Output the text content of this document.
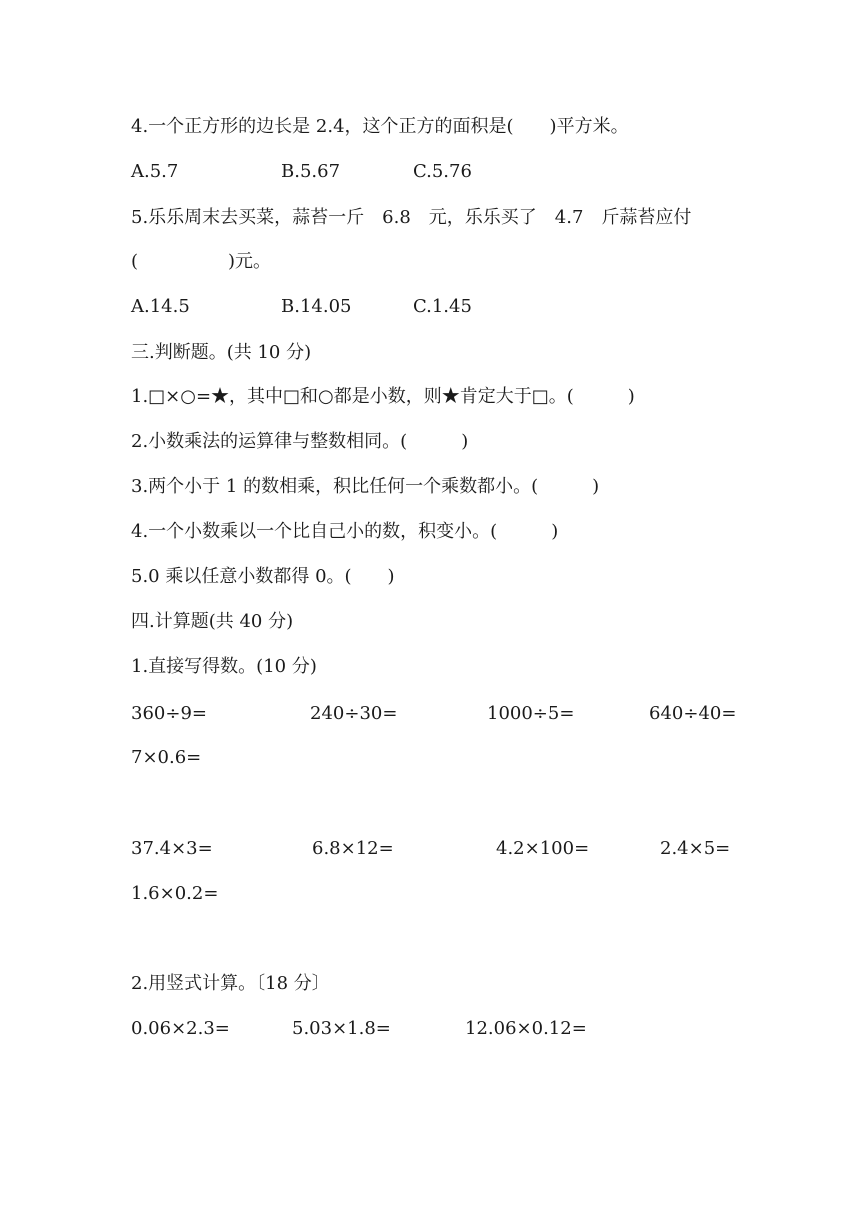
4.一个正方形的边长是 2.4，这个正方的面积是(　　)平方米。

A.5.7	B.5.67	C.5.76

5.乐乐周末去买菜，蒜苔一斤　6.8　元，乐乐买了　4.7　斤蒜苔应付

(　　　　　)元。

A.14.5	B.14.05	C.1.45

三.判断题。(共 10 分)

1.□×○=★，其中□和○都是小数，则★肯定大于□。(　　　)

2.小数乘法的运算律与整数相同。(　　　)

3.两个小于 1 的数相乘，积比任何一个乘数都小。(　　　)

4.一个小数乘以一个比自己小的数，积变小。(　　　)

5.0 乘以任意小数都得 0。(　　)

四.计算题(共 40 分)

1.直接写得数。(10 分)

360÷9=	240÷30=	1000÷5=	640÷40=
7×0.6=
37.4×3=	6.8×12=	4.2×100=	2.4×5=
1.6×0.2=

2.用竖式计算。〔18 分〕

0.06×2.3=	5.03×1.8=	12.06×0.12=
